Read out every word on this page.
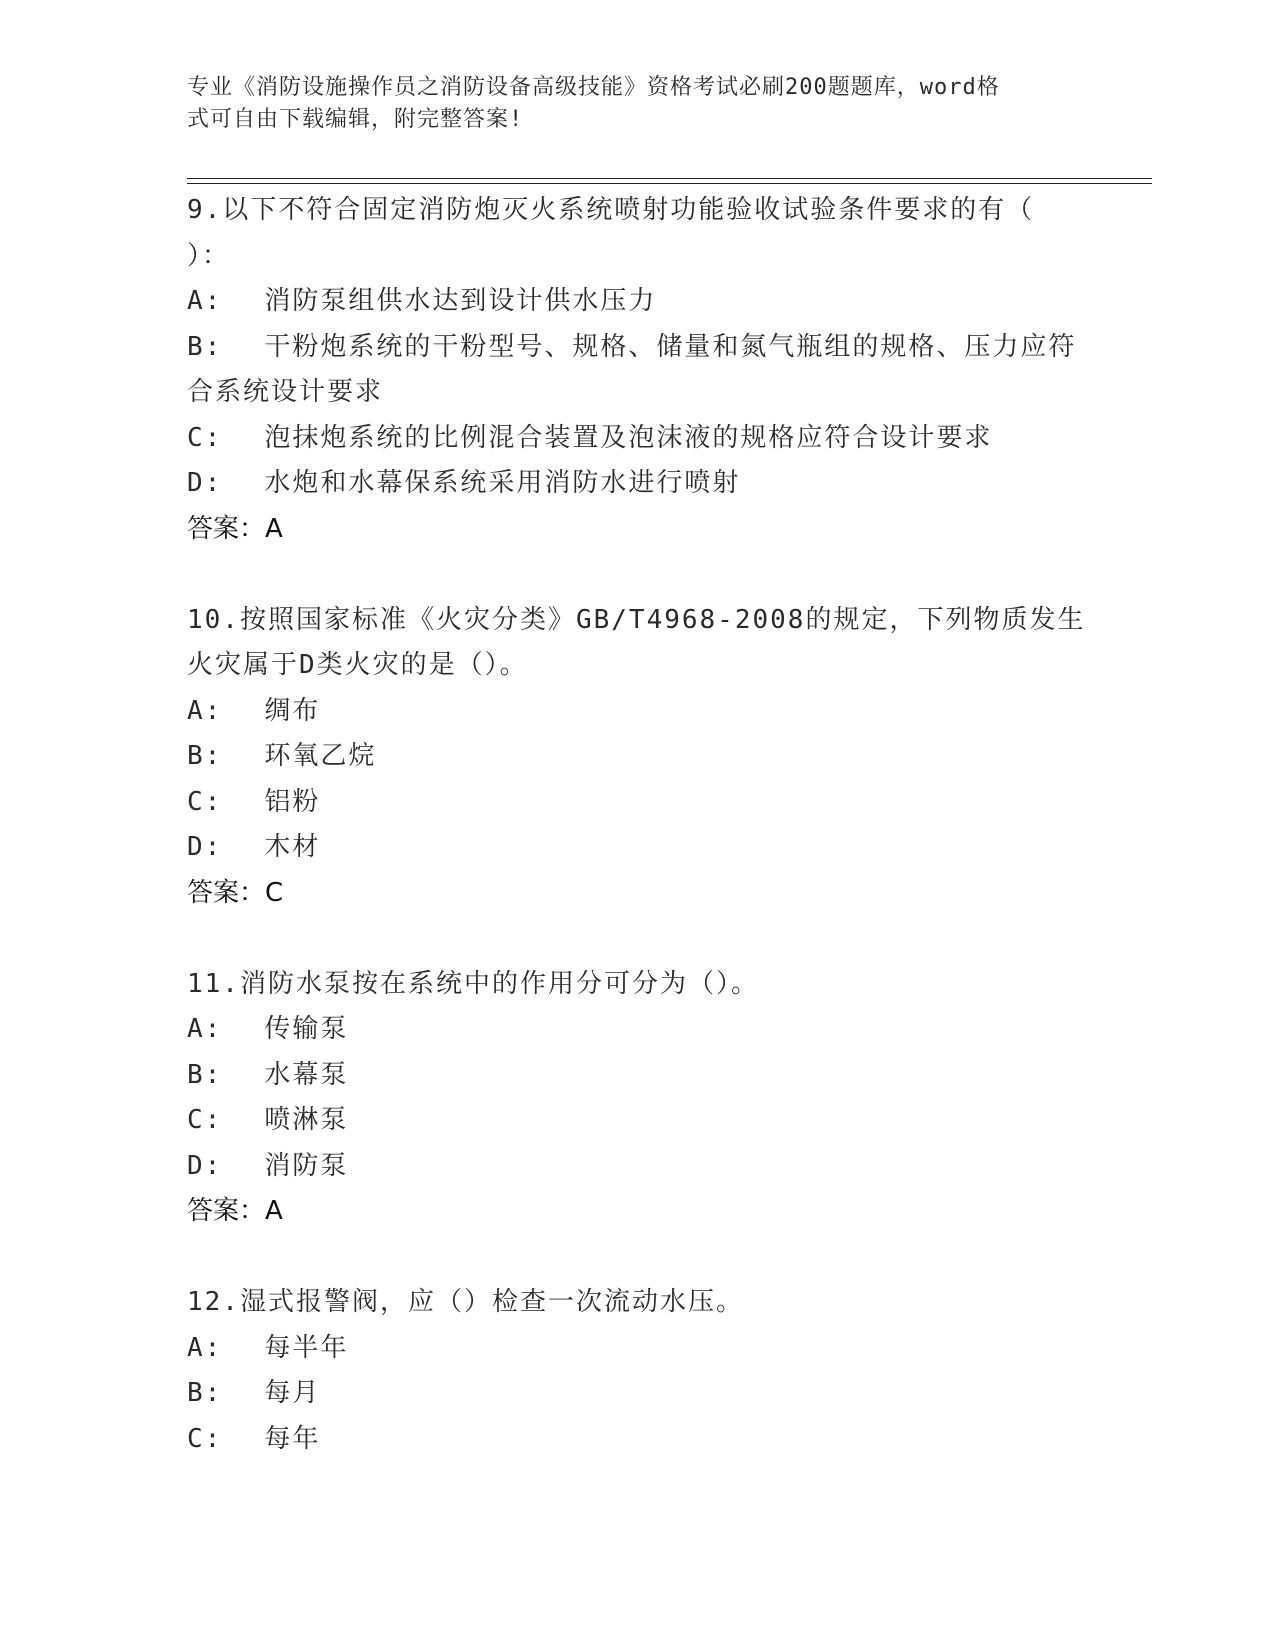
专业《消防设施操作员之消防设备高级技能》资格考试必刷200题题库，word格
式可自由下载编辑，附完整答案!
9.以下不符合固定消防炮灭火系统喷射功能验收试验条件要求的有（
）：
A: 消防泵组供水达到设计供水压力
B: 干粉炮系统的干粉型号、规格、储量和氮气瓶组的规格、压力应符
合系统设计要求
C: 泡抹炮系统的比例混合装置及泡沫液的规格应符合设计要求
D: 水炮和水幕保系统采用消防水进行喷射
答案：A
10.按照国家标准《火灾分类》GB/T4968-2008的规定，下列物质发生
火灾属于D类火灾的是（）。
A: 绸布
B: 环氧乙烷
C: 铝粉
D: 木材
答案：C
11.消防水泵按在系统中的作用分可分为（）。
A: 传输泵
B: 水幕泵
C: 喷淋泵
D: 消防泵
答案：A
12.湿式报警阀，应（）检查一次流动水压。
A: 每半年
B: 每月
C: 每年
